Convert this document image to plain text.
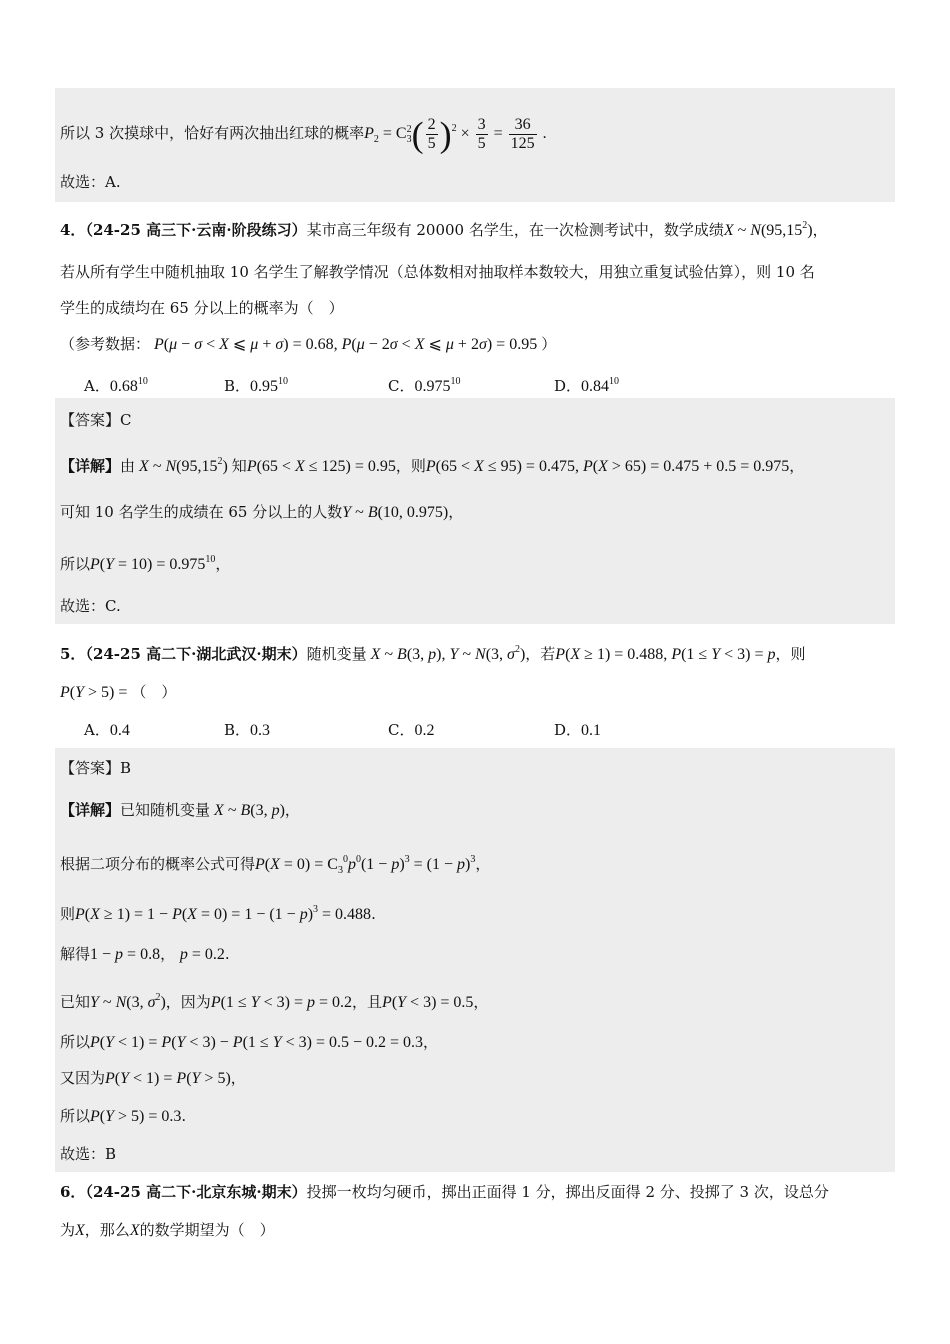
所以 3 次摸球中，恰好有两次抽出红球的概率$P_2 = C$ 2
3 ( $\frac{2}{5} )^2 \times \frac{3}{5} = \frac{36}{125}$ .
故选：A.
4．（24-25 高三下·云南·阶段练习）某市高三年级有 20000 名学生，在一次检测考试中，数学成绩X ~ N(95,15$^2$)，
若从所有学生中随机抽取 10 名学生了解教学情况（总体数相对抽取样本数较大，用独立重复试验估算），则 10 名
学生的成绩均在 65 分以上的概率为（　）
（参考数据： P(μ − σ < X ⩽ μ + σ) = 0.68, P(μ − 2σ < X ⩽ μ + 2σ) = 0.95 ）
A．0.68$^{10}$	B．0.95$^{10}$	C．0.975$^{10}$	D．0.84$^{10}$
【答案】C
【详解】由 X ~ N(95,15$^2$) 知P(65 < X ≤ 125) = 0.95，则P(65 < X ≤ 95) = 0.475, P(X > 65) = 0.475 + 0.5 = 0.975，
可知 10 名学生的成绩在 65 分以上的人数Y ~ B(10, 0.975)，
所以$P(Y = 10) = 0.975^{10}$，
故选：C.
5．（24-25 高二下·湖北武汉·期末）随机变量 X ~ B(3, p), Y ~ N(3, $\sigma^2$)，若P(X ≥ 1) = 0.488, P(1 ≤ Y < 3) = p，则
P(Y > 5) = （　）
A．0.4	B．0.3	C．0.2	D．0.1
【答案】B
【详解】已知随机变量 X ~ B(3, p)，
根据二项分布的概率公式可得$P(X = 0) = C_3^0p^0(1 - p)^3 = (1 - p)^3$，
则$P(X \ge 1) = 1 - P(X = 0) = 1 - (1 - p)^3 = 0.488$.
解得1 − p = 0.8， p = 0.2.
已知Y ~ N(3, $\sigma^2$)，因为P(1 ≤ Y < 3) = p = 0.2，且P(Y < 3) = 0.5，
所以P(Y < 1) = P(Y < 3) − P(1 ≤ Y < 3) = 0.5 − 0.2 = 0.3，
又因为P(Y < 1) = P(Y > 5)，
所以P(Y > 5) = 0.3.
故选：B
6．（24-25 高二下·北京东城·期末）投掷一枚均匀硬币，掷出正面得 1 分，掷出反面得 2 分、投掷了 3 次，设总分
为X，那么X的数学期望为（　）
